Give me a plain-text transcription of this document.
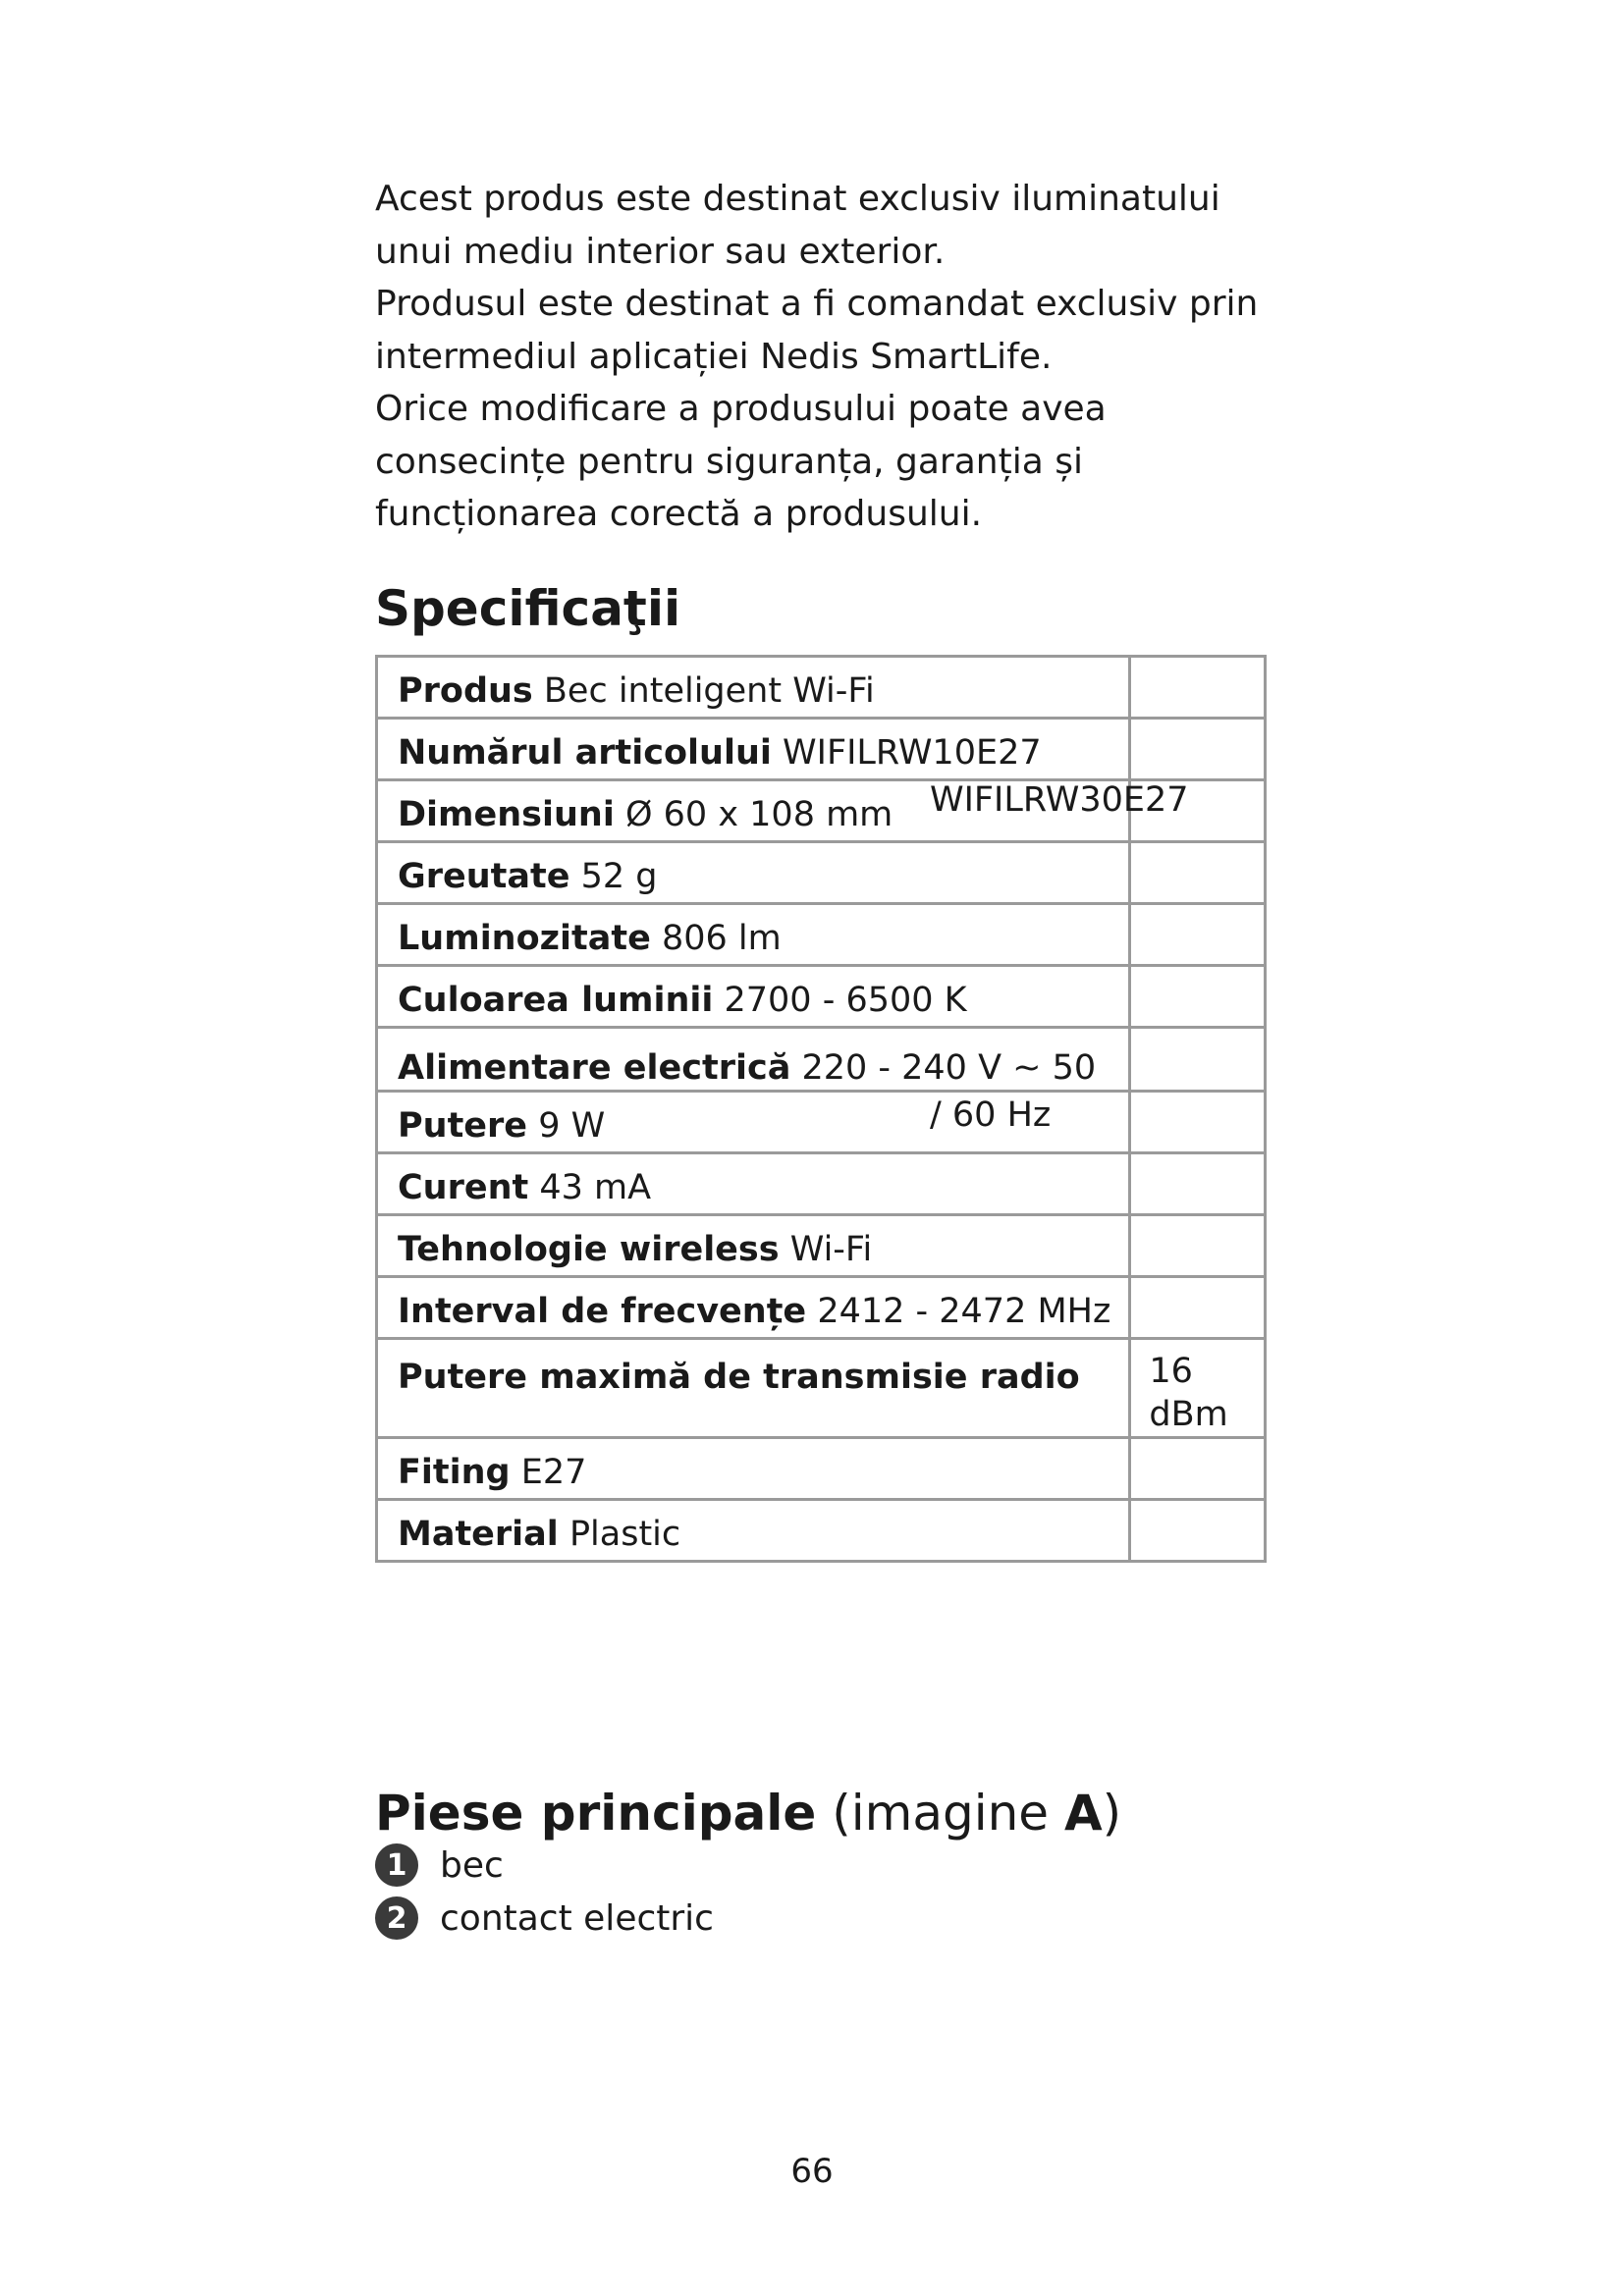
Acest produs este destinat exclusiv iluminatului unui mediu interior sau exterior.

Produsul este destinat a fi comandat exclusiv prin intermediul aplicației Nedis SmartLife.

Orice modificare a produsului poate avea consecințe pentru siguranța, garanția și funcționarea corectă a produsului.

Specificaţii
Produs Bec inteligent Wi-Fi	

Numărul articolului WIFILRW10E27
WIFILRW30E27	

Dimensiuni Ø 60 x 108 mm	

Greutate 52 g	

Luminozitate 806 lm	

Culoarea luminii 2700 - 6500 K	

Alimentare electrică 220 - 240 V ~ 50
/ 60 Hz	

Putere 9 W	

Curent 43 mA	

Tehnologie wireless Wi-Fi	

Interval de frecvențe 2412 - 2472 MHz	

Putere maximă de transmisie radio	16 dBm

Fiting E27	

Material Plastic	

Piese principale (imagine A)
1 bec
2 contact electric
66
